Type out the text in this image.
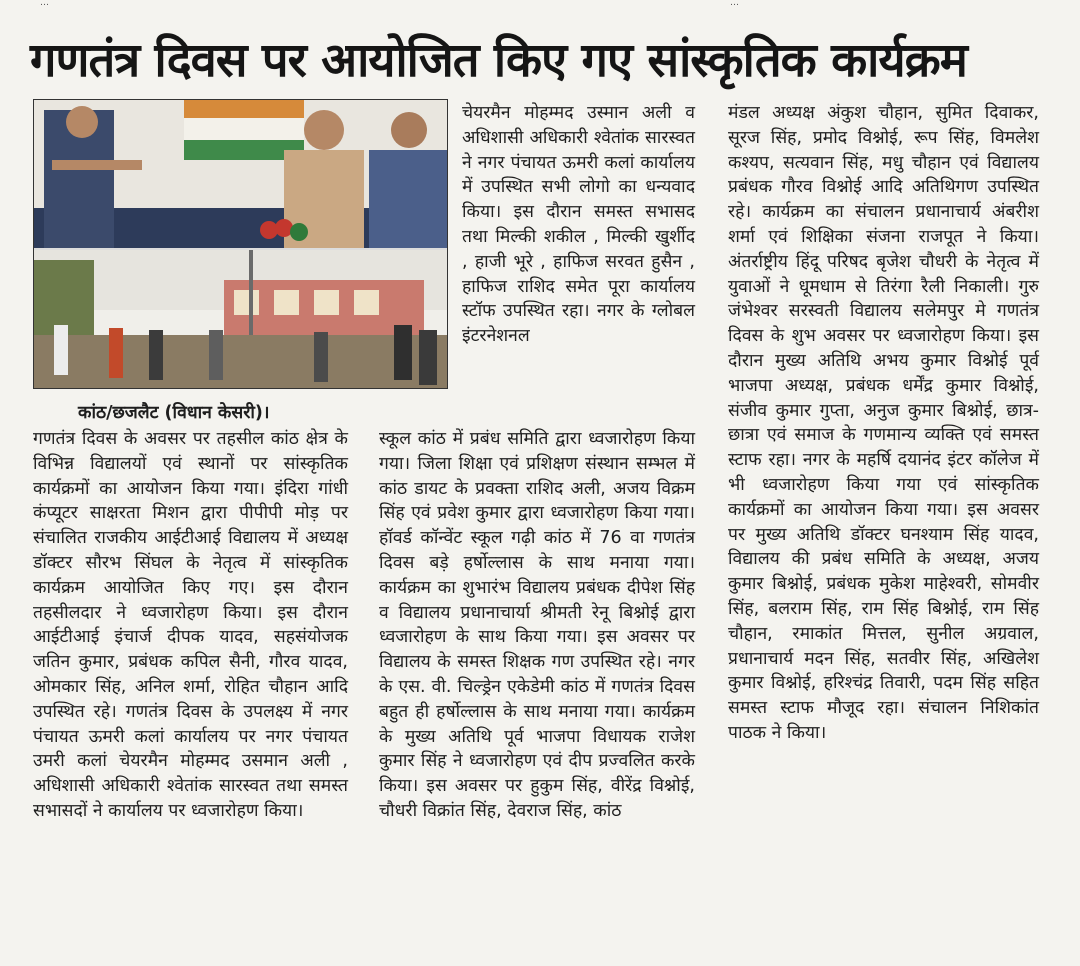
…	…
गणतंत्र दिवस पर आयोजित किए गए सांस्कृतिक कार्यक्रम

कांठ/छजलैट (विधान केसरी)।

गणतंत्र दिवस के अवसर पर तहसील कांठ क्षेत्र के विभिन्न विद्यालयों एवं स्थानों पर सांस्कृतिक कार्यक्रमों का आयोजन किया गया। इंदिरा गांधी कंप्यूटर साक्षरता मिशन द्वारा पीपीपी मोड़ पर संचालित राजकीय आईटीआई विद्यालय में अध्यक्ष डॉक्टर सौरभ सिंघल के नेतृत्व में सांस्कृतिक कार्यक्रम आयोजित किए गए। इस दौरान तहसीलदार ने ध्वजारोहण किया। इस दौरान आईटीआई इंचार्ज दीपक यादव, सहसंयोजक जतिन कुमार, प्रबंधक कपिल सैनी, गौरव यादव, ओमकार सिंह, अनिल शर्मा, रोहित चौहान आदि उपस्थित रहे। गणतंत्र दिवस के उपलक्ष्य में नगर पंचायत ऊमरी कलां कार्यालय पर नगर पंचायत उमरी कलां चेयरमैन मोहम्मद उसमान अली , अधिशासी अधिकारी श्वेतांक सारस्वत तथा समस्त सभासदों ने कार्यालय पर ध्वजारोहण किया।

चेयरमैन मोहम्मद उस्मान अली व अधिशासी अधिकारी श्वेतांक सारस्वत ने नगर पंचायत ऊमरी कलां कार्यालय में उपस्थित सभी लोगो का धन्यवाद किया। इस दौरान समस्त सभासद तथा मिल्की शकील , मिल्की खुर्शीद , हाजी भूरे , हाफिज सरवत हुसैन , हाफिज राशिद समेत पूरा कार्यालय स्टॉफ उपस्थित रहा। नगर के ग्लोबल इंटरनेशनल

स्कूल कांठ में प्रबंध समिति द्वारा ध्वजारोहण किया गया। जिला शिक्षा एवं प्रशिक्षण संस्थान सम्भल में कांठ डायट के प्रवक्ता राशिद अली, अजय विक्रम सिंह एवं प्रवेश कुमार द्वारा ध्वजारोहण किया गया। हॉवर्ड कॉन्वेंट स्कूल गढ़ी कांठ में 76 वा गणतंत्र दिवस बड़े हर्षोल्लास के साथ मनाया गया। कार्यक्रम का शुभारंभ विद्यालय प्रबंधक दीपेश सिंह व विद्यालय प्रधानाचार्या श्रीमती रेनू बिश्नोई द्वारा ध्वजारोहण के साथ किया गया। इस अवसर पर विद्यालय के समस्त शिक्षक गण उपस्थित रहे। नगर के एस. वी. चिल्ड्रेन एकेडेमी कांठ में गणतंत्र दिवस बहुत ही हर्षोल्लास के साथ मनाया गया। कार्यक्रम के मुख्य अतिथि पूर्व भाजपा विधायक राजेश कुमार सिंह ने ध्वजारोहण एवं दीप प्रज्वलित करके किया। इस अवसर पर हुकुम सिंह, वीरेंद्र विश्नोई, चौधरी विक्रांत सिंह, देवराज सिंह, कांठ

मंडल अध्यक्ष अंकुश चौहान, सुमित दिवाकर, सूरज सिंह, प्रमोद विश्नोई, रूप सिंह, विमलेश कश्यप, सत्यवान सिंह, मधु चौहान एवं विद्यालय प्रबंधक गौरव विश्नोई आदि अतिथिगण उपस्थित रहे। कार्यक्रम का संचालन प्रधानाचार्य अंबरीश शर्मा एवं शिक्षिका संजना राजपूत ने किया। अंतर्राष्ट्रीय हिंदू परिषद बृजेश चौधरी के नेतृत्व में युवाओं ने धूमधाम से तिरंगा रैली निकाली। गुरु जंभेश्वर सरस्वती विद्यालय सलेमपुर मे गणतंत्र दिवस के शुभ अवसर पर ध्वजारोहण किया। इस दौरान मुख्य अतिथि अभय कुमार विश्नोई पूर्व भाजपा अध्यक्ष, प्रबंधक धर्मेंद्र कुमार विश्नोई, संजीव कुमार गुप्ता, अनुज कुमार बिश्नोई, छात्र-छात्रा एवं समाज के गणमान्य व्यक्ति एवं समस्त स्टाफ रहा। नगर के महर्षि दयानंद इंटर कॉलेज में भी ध्वजारोहण किया गया एवं सांस्कृतिक कार्यक्रमों का आयोजन किया गया। इस अवसर पर मुख्य अतिथि डॉक्टर घनश्याम सिंह यादव, विद्यालय की प्रबंध समिति के अध्यक्ष, अजय कुमार बिश्नोई, प्रबंधक मुकेश माहेश्वरी, सोमवीर सिंह, बलराम सिंह, राम सिंह बिश्नोई, राम सिंह चौहान, रमाकांत मित्तल, सुनील अग्रवाल, प्रधानाचार्य मदन सिंह, सतवीर सिंह, अखिलेश कुमार विश्नोई, हरिश्चंद्र तिवारी, पदम सिंह सहित समस्त स्टाफ मौजूद रहा। संचालन निशिकांत पाठक ने किया।
